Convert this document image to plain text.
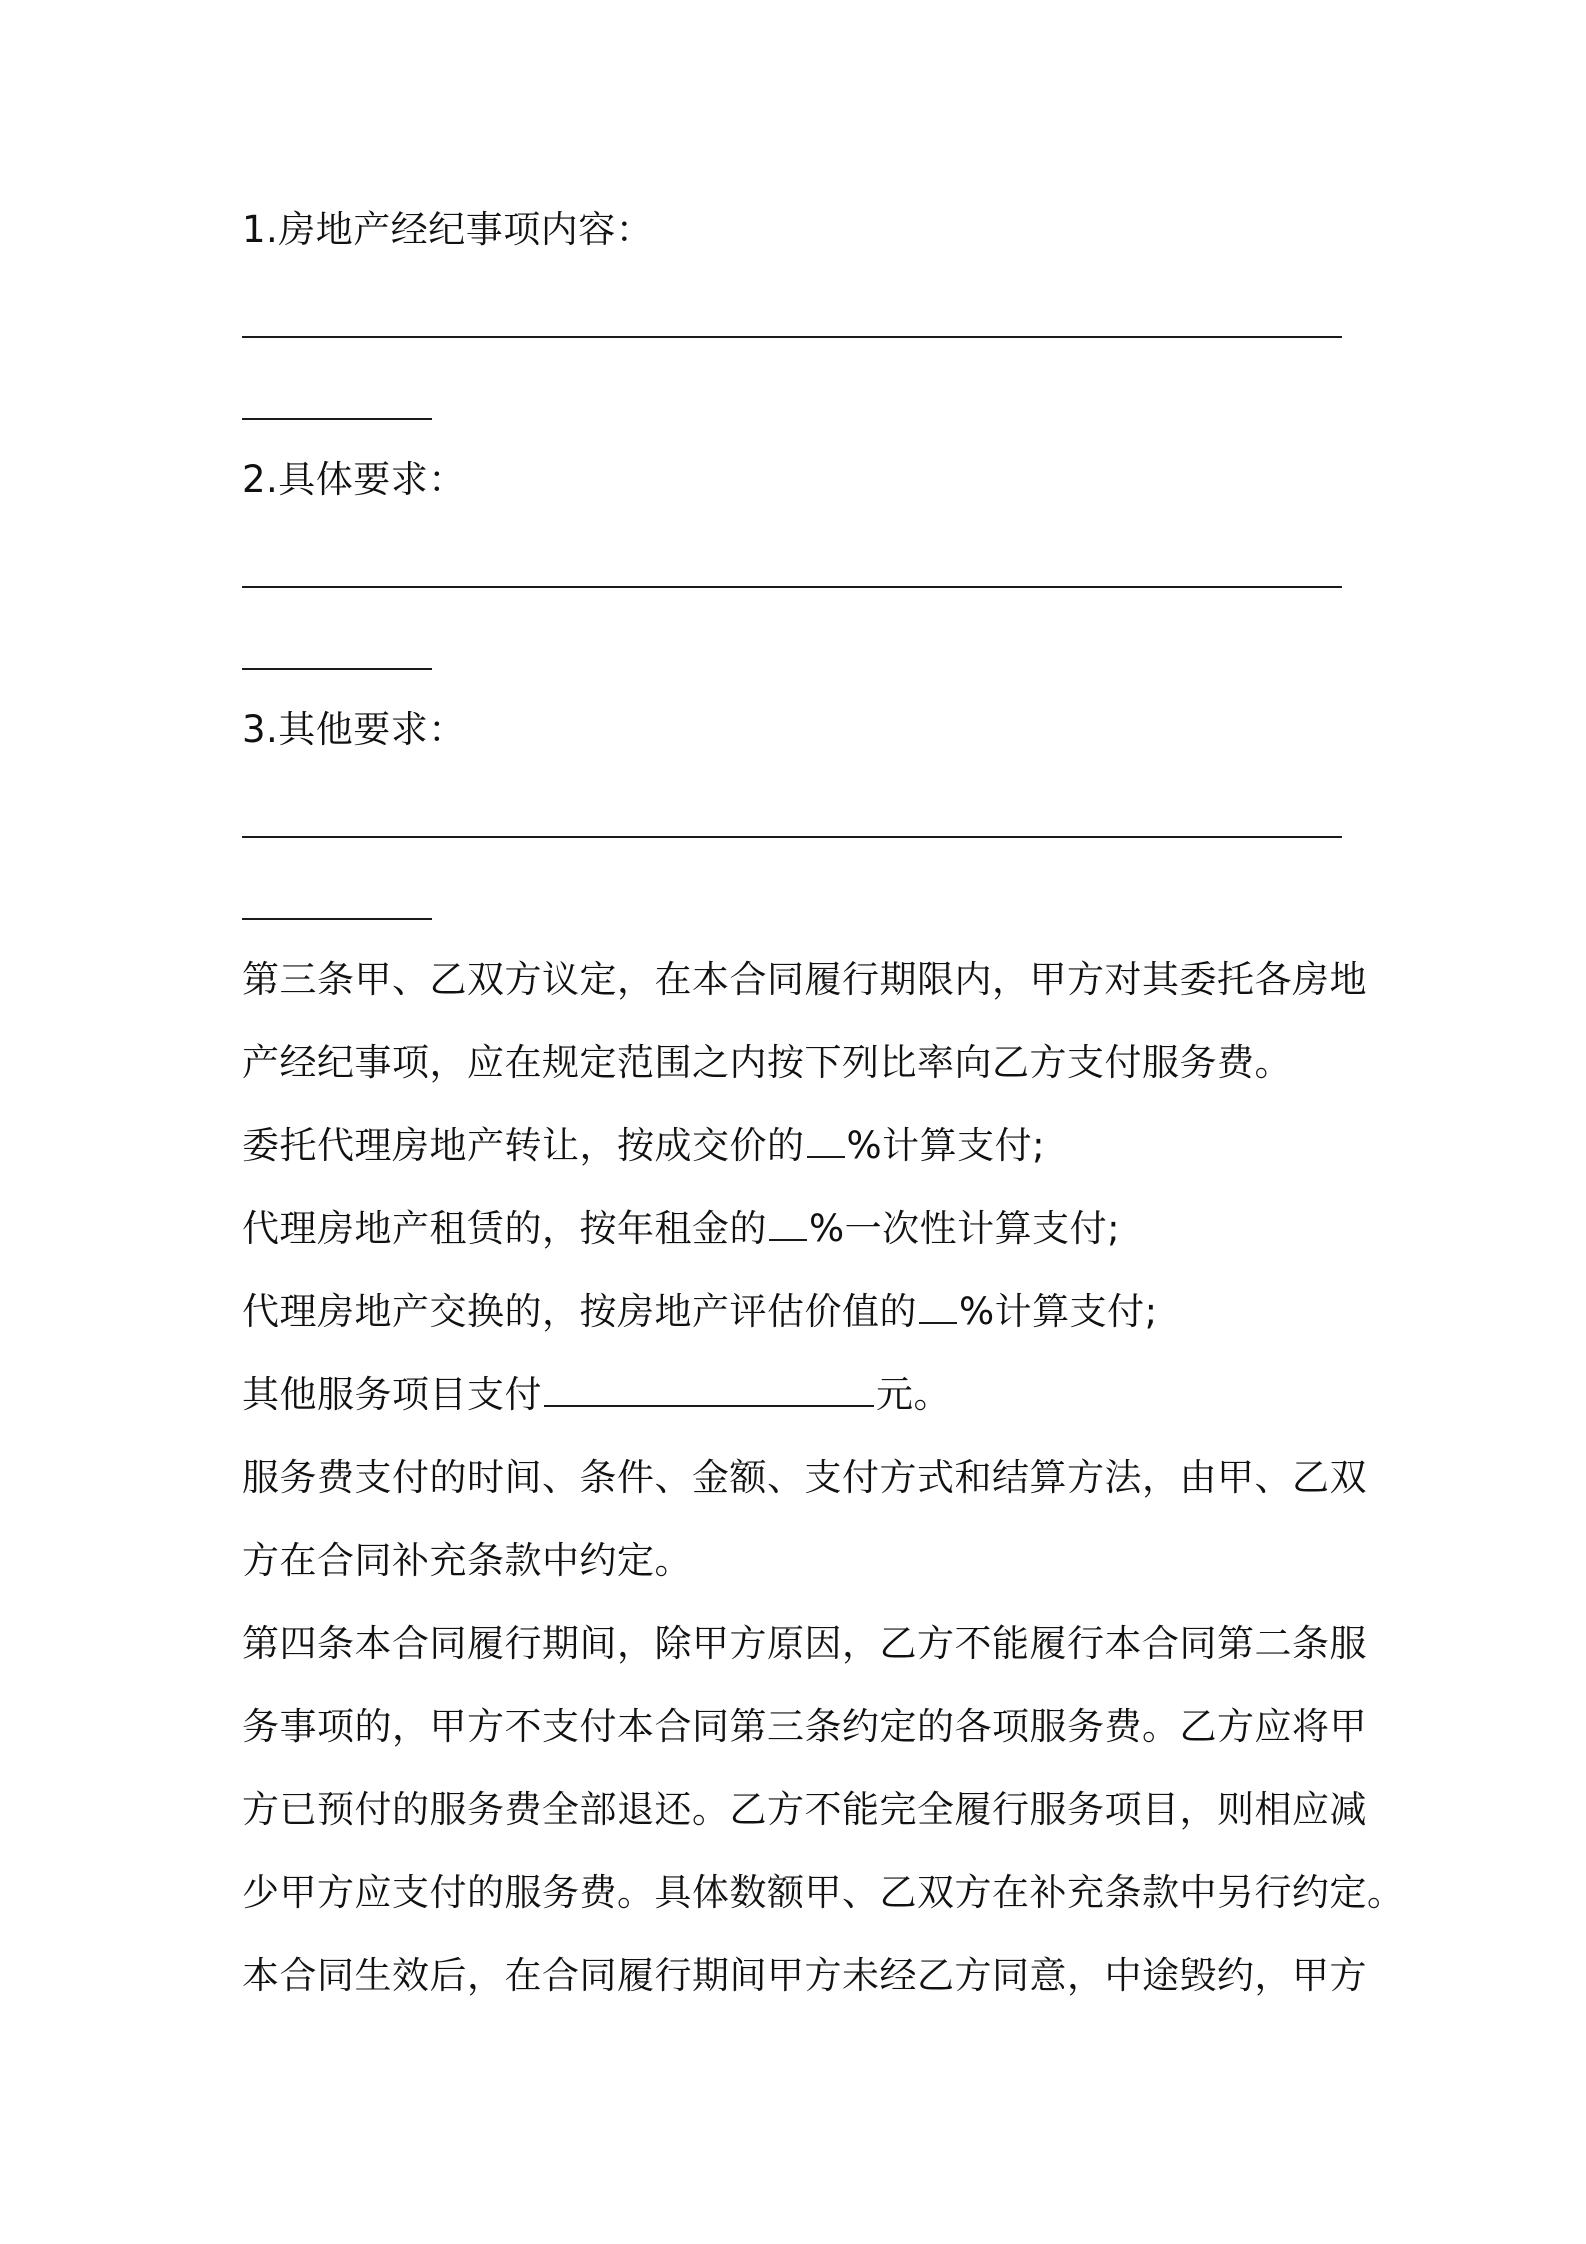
1.房地产经纪事项内容：
2.具体要求：
3.其他要求：
第三条甲、乙双方议定，在本合同履行期限内，甲方对其委托各房地
产经纪事项，应在规定范围之内按下列比率向乙方支付服务费。
委托代理房地产转让，按成交价的 %计算支付;
代理房地产租赁的，按年租金的 %一次性计算支付;
代理房地产交换的，按房地产评估价值的 %计算支付;
其他服务项目支付	元。
服务费支付的时间、条件、金额、支付方式和结算方法，由甲、乙双
方在合同补充条款中约定。
第四条本合同履行期间，除甲方原因，乙方不能履行本合同第二条服
务事项的，甲方不支付本合同第三条约定的各项服务费。乙方应将甲
方已预付的服务费全部退还。乙方不能完全履行服务项目，则相应减
少甲方应支付的服务费。具体数额甲、乙双方在补充条款中另行约定。
本合同生效后，在合同履行期间甲方未经乙方同意，中途毁约，甲方
